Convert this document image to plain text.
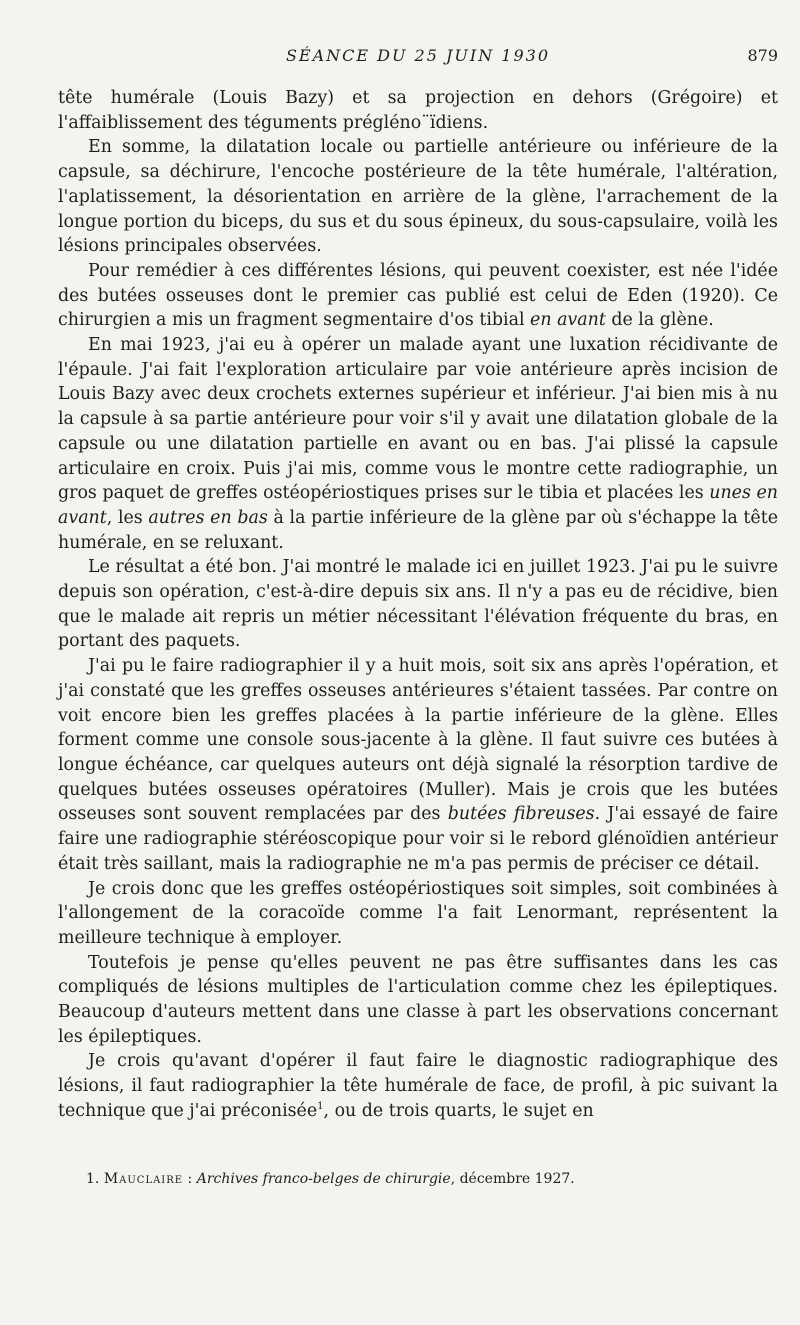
SÉANCE DU 25 JUIN 1930	879

tête humérale (Louis Bazy) et sa projection en dehors (Grégoire) et l'affaiblissement des téguments prégléno¨ïdiens.

En somme, la dilatation locale ou partielle antérieure ou inférieure de la capsule, sa déchirure, l'encoche postérieure de la tête humérale, l'altération, l'aplatissement, la désorientation en arrière de la glène, l'arrachement de la longue portion du biceps, du sus et du sous épineux, du sous-capsulaire, voilà les lésions principales observées.

Pour remédier à ces différentes lésions, qui peuvent coexister, est née l'idée des butées osseuses dont le premier cas publié est celui de Eden (1920). Ce chirurgien a mis un fragment segmentaire d'os tibial en avant de la glène.

En mai 1923, j'ai eu à opérer un malade ayant une luxation récidivante de l'épaule. J'ai fait l'exploration articulaire par voie antérieure après incision de Louis Bazy avec deux crochets externes supérieur et inférieur. J'ai bien mis à nu la capsule à sa partie antérieure pour voir s'il y avait une dilatation globale de la capsule ou une dilatation partielle en avant ou en bas. J'ai plissé la capsule articulaire en croix. Puis j'ai mis, comme vous le montre cette radiographie, un gros paquet de greffes ostéopériostiques prises sur le tibia et placées les unes en avant, les autres en bas à la partie inférieure de la glène par où s'échappe la tête humérale, en se reluxant.

Le résultat a été bon. J'ai montré le malade ici en juillet 1923. J'ai pu le suivre depuis son opération, c'est-à-dire depuis six ans. Il n'y a pas eu de récidive, bien que le malade ait repris un métier nécessitant l'élévation fréquente du bras, en portant des paquets.

J'ai pu le faire radiographier il y a huit mois, soit six ans après l'opération, et j'ai constaté que les greffes osseuses antérieures s'étaient tassées. Par contre on voit encore bien les greffes placées à la partie inférieure de la glène. Elles forment comme une console sous-jacente à la glène. Il faut suivre ces butées à longue échéance, car quelques auteurs ont déjà signalé la résorption tardive de quelques butées osseuses opératoires (Muller). Mais je crois que les butées osseuses sont souvent remplacées par des butées fibreuses. J'ai essayé de faire faire une radiographie stéréoscopique pour voir si le rebord glénoïdien antérieur était très saillant, mais la radiographie ne m'a pas permis de préciser ce détail.

Je crois donc que les greffes ostéopériostiques soit simples, soit combinées à l'allongement de la coracoïde comme l'a fait Lenormant, représentent la meilleure technique à employer.

Toutefois je pense qu'elles peuvent ne pas être suffisantes dans les cas compliqués de lésions multiples de l'articulation comme chez les épileptiques. Beaucoup d'auteurs mettent dans une classe à part les observations concernant les épileptiques.

Je crois qu'avant d'opérer il faut faire le diagnostic radiographique des lésions, il faut radiographier la tête humérale de face, de profil, à pic suivant la technique que j'ai préconisée$^1$, ou de trois quarts, le sujet en

1. Mauclaire : Archives franco-belges de chirurgie, décembre 1927.
